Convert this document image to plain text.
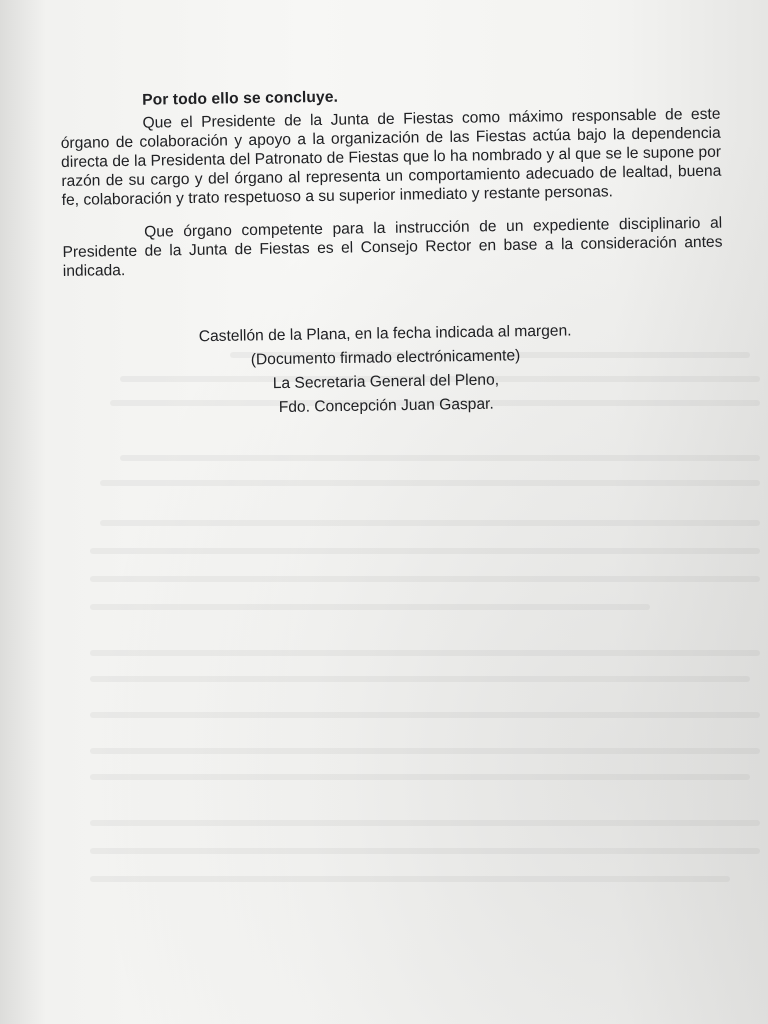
Por todo ello se concluye.

Que el Presidente de la Junta de Fiestas como máximo responsable de este órgano de colaboración y apoyo a la organización de las Fiestas actúa bajo la dependencia directa de la Presidenta del Patronato de Fiestas que lo ha nombrado y al que se le supone por razón de su cargo y del órgano al representa un comportamiento adecuado de lealtad, buena fe, colaboración y trato respetuoso a su superior inmediato y restante personas.

Que órgano competente para la instrucción de un expediente disciplinario al Presidente de la Junta de Fiestas es el Consejo Rector en base a la consideración antes indicada.

Castellón de la Plana, en la fecha indicada al margen.
(Documento firmado electrónicamente)
La Secretaria General del Pleno,
Fdo. Concepción Juan Gaspar.
